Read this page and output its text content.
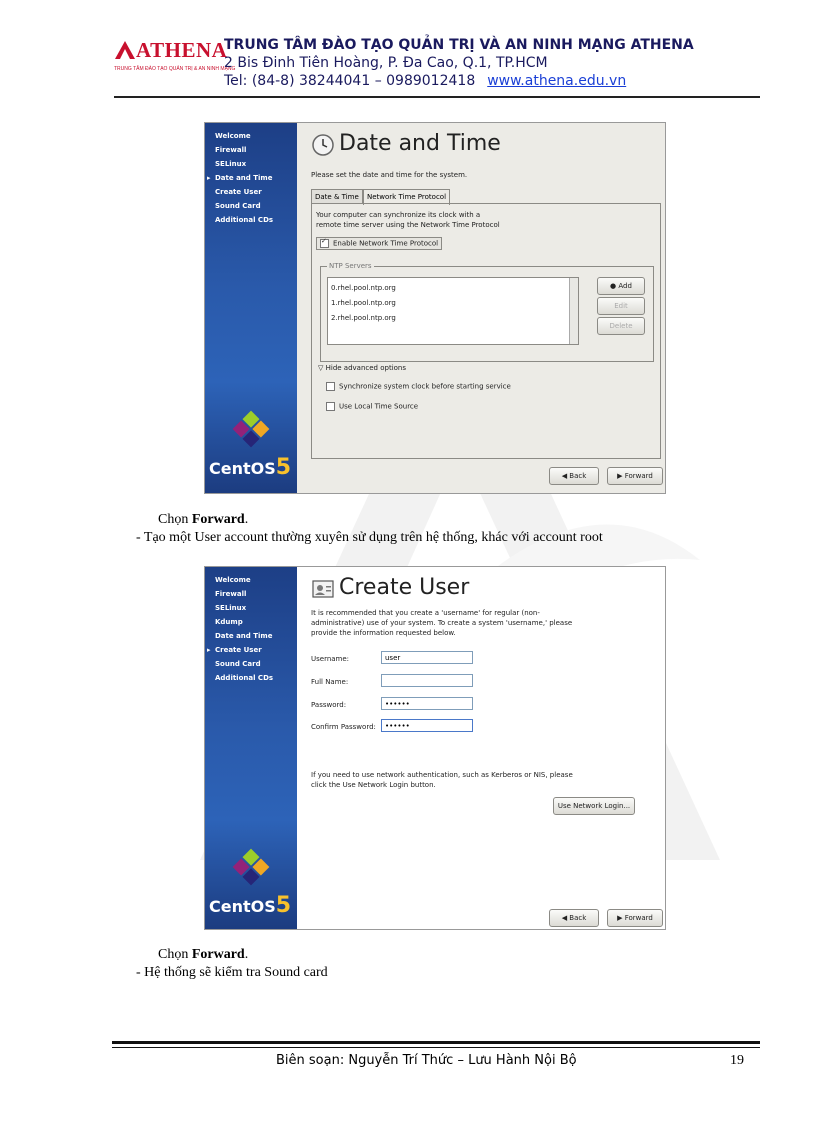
ATHENA
TRUNG TÂM ĐÀO TẠO QUẢN TRỊ & AN NINH MẠNG
TRUNG TÂM ĐÀO TẠO QUẢN TRỊ VÀ AN NINH MẠNG ATHENA
2 Bis Đinh Tiên Hoàng, P. Đa Cao, Q.1, TP.HCM
Tel: (84-8) 38244041 – 0989012418 www.athena.edu.vn
Welcome
Firewall
SELinux
▸ Date and Time
Create User
Sound Card
Additional CDs
CentOS5
Date and Time
Please set the date and time for the system.
Date & Time	Network Time Protocol
Your computer can synchronize its clock with a
remote time server using the Network Time Protocol
✓Enable Network Time Protocol
NTP Servers
0.rhel.pool.ntp.org
1.rhel.pool.ntp.org
2.rhel.pool.ntp.org
● Add
Edit
Delete
▽ Hide advanced options
Synchronize system clock before starting service
Use Local Time Source
◀ Back	▶ Forward
Chọn Forward.
- Tạo một User account thường xuyên sử dụng trên hệ thống, khác với account root
Welcome
Firewall
SELinux
Kdump
Date and Time
▸ Create User
Sound Card
Additional CDs
CentOS5
Create User
It is recommended that you create a 'username' for regular (non-
administrative) use of your system. To create a system 'username,' please
provide the information requested below.
Username:	user
Full Name:
Password:	••••••
Confirm Password:	••••••
If you need to use network authentication, such as Kerberos or NIS, please
click the Use Network Login button.
Use Network Login...
◀ Back	▶ Forward
Chọn Forward.
- Hệ thống sẽ kiểm tra Sound card
Biên soạn: Nguyễn Trí Thức – Lưu Hành Nội Bộ	19
